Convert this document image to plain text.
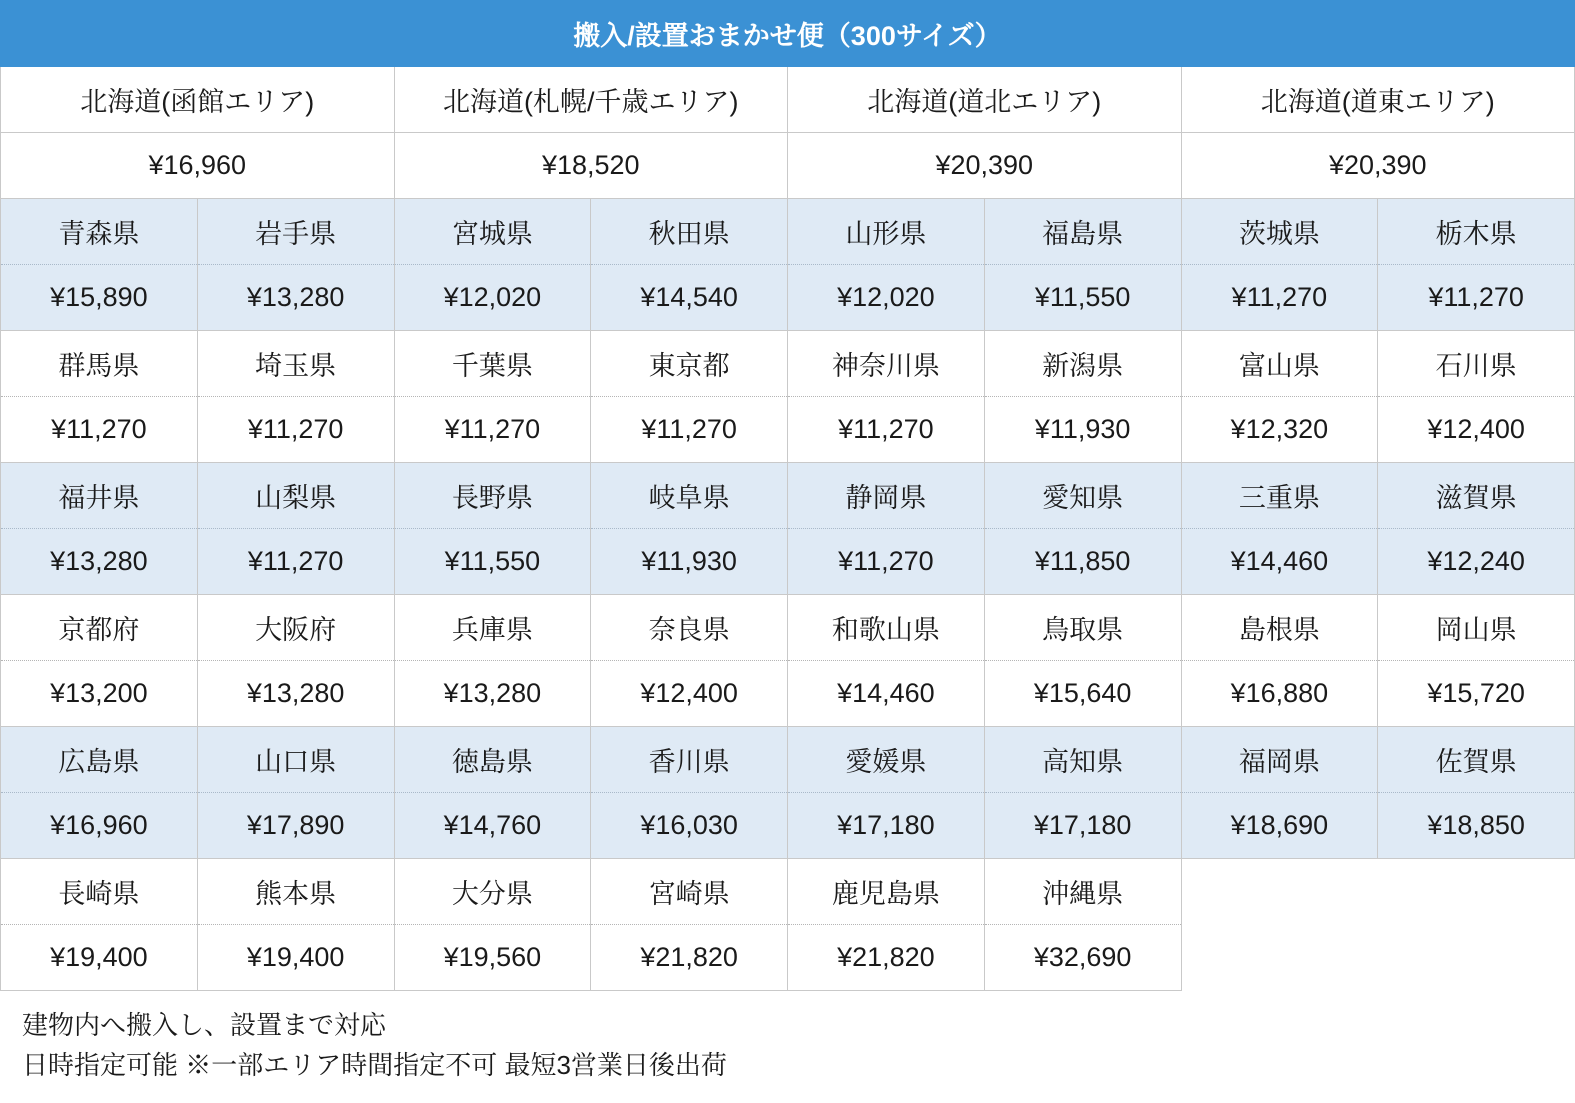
搬入/設置おまかせ便（300サイズ）							
北海道(函館エリア)		北海道(札幌/千歳エリア)		北海道(道北エリア)		北海道(道東エリア)	
¥16,960		¥18,520		¥20,390		¥20,390	
青森県	岩手県	宮城県	秋田県	山形県	福島県	茨城県	栃木県
¥15,890	¥13,280	¥12,020	¥14,540	¥12,020	¥11,550	¥11,270	¥11,270
群馬県	埼玉県	千葉県	東京都	神奈川県	新潟県	富山県	石川県
¥11,270	¥11,270	¥11,270	¥11,270	¥11,270	¥11,930	¥12,320	¥12,400
福井県	山梨県	長野県	岐阜県	静岡県	愛知県	三重県	滋賀県
¥13,280	¥11,270	¥11,550	¥11,930	¥11,270	¥11,850	¥14,460	¥12,240
京都府	大阪府	兵庫県	奈良県	和歌山県	鳥取県	島根県	岡山県
¥13,200	¥13,280	¥13,280	¥12,400	¥14,460	¥15,640	¥16,880	¥15,720
広島県	山口県	徳島県	香川県	愛媛県	高知県	福岡県	佐賀県
¥16,960	¥17,890	¥14,760	¥16,030	¥17,180	¥17,180	¥18,690	¥18,850
長崎県	熊本県	大分県	宮崎県	鹿児島県	沖縄県		
¥19,400	¥19,400	¥19,560	¥21,820	¥21,820	¥32,690		
建物内へ搬入し、設置まで対応
日時指定可能 ※一部エリア時間指定不可 最短3営業日後出荷
